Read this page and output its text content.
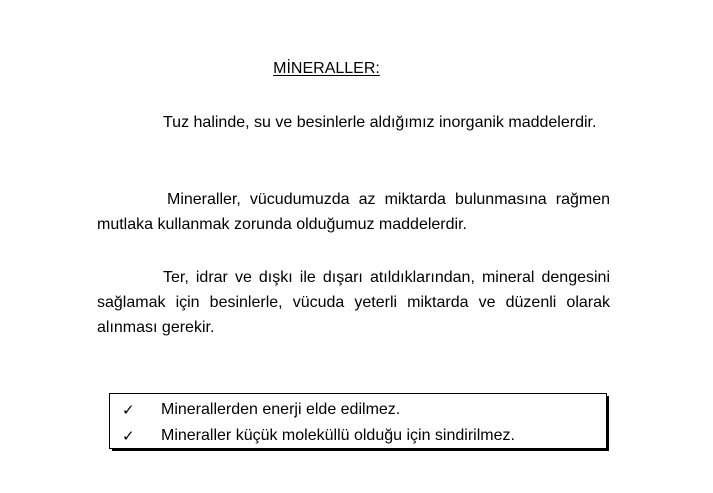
MİNERALLER:

Tuz halinde, su ve besinlerle aldığımız inorganik maddelerdir.

Mineraller, vücudumuzda az miktarda bulunmasına rağmen mutlaka kullanmak zorunda olduğumuz maddelerdir.

Ter, idrar ve dışkı ile dışarı atıldıklarından, mineral dengesini sağlamak için besinlerle, vücuda yeterli miktarda ve düzenli olarak alınması gerekir.

✓ Minerallerden enerji elde edilmez.
✓ Mineraller küçük moleküllü olduğu için sindirilmez.
